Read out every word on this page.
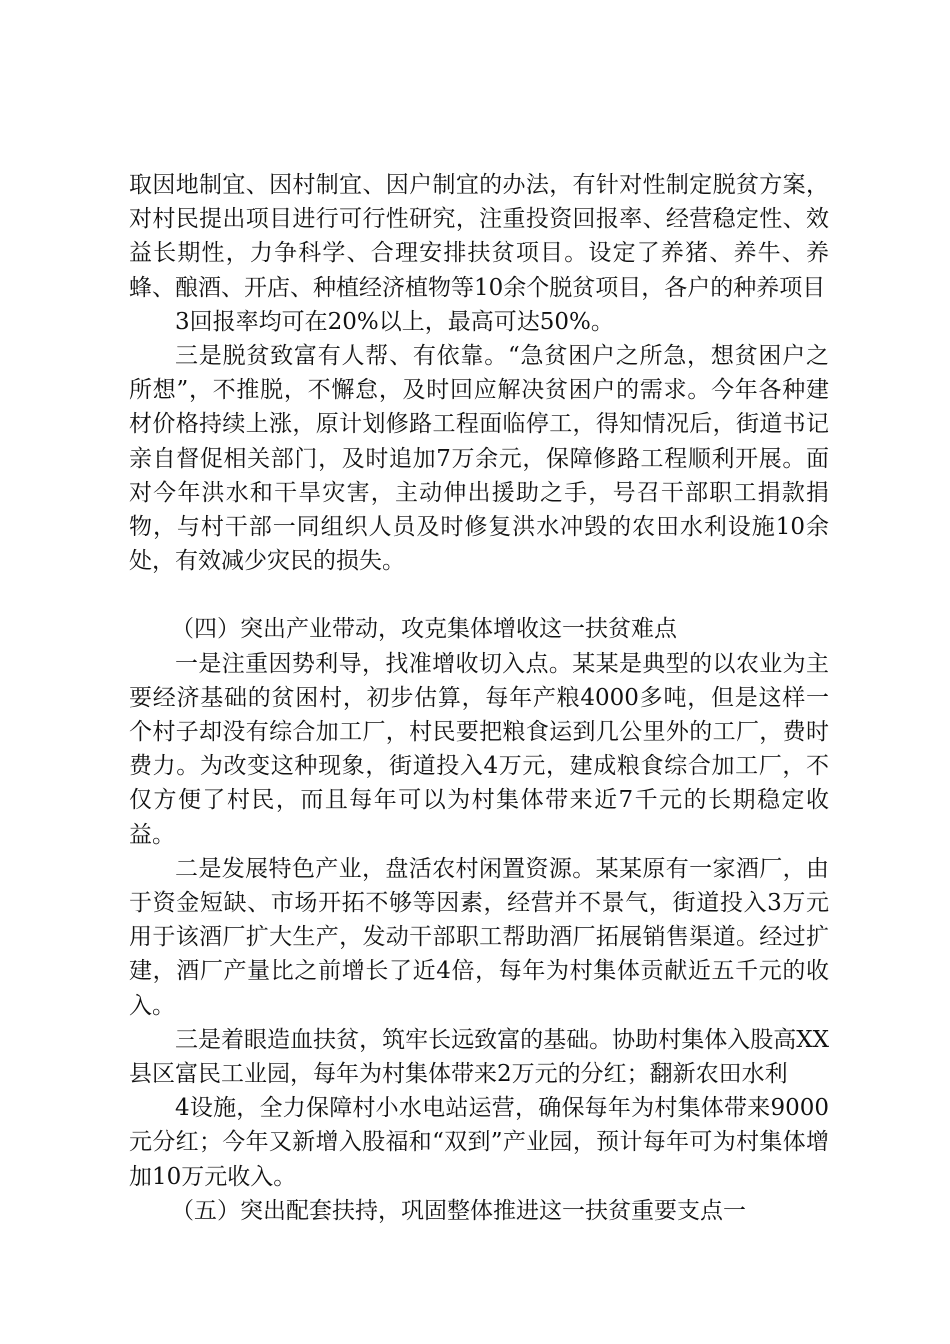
取因地制宜、因村制宜、因户制宜的办法，有针对性制定脱贫方案，对村民提出项目进行可行性研究，注重投资回报率、经营稳定性、效益长期性，力争科学、合理安排扶贫项目。设定了养猪、养牛、养蜂、酿酒、开店、种植经济植物等10余个脱贫项目，各户的种养项目

3回报率均可在20%以上，最高可达50%。

三是脱贫致富有人帮、有依靠。“急贫困户之所急，想贫困户之所想”，不推脱，不懈怠，及时回应解决贫困户的需求。今年各种建材价格持续上涨，原计划修路工程面临停工，得知情况后，街道书记亲自督促相关部门，及时追加7万余元，保障修路工程顺利开展。面对今年洪水和干旱灾害，主动伸出援助之手，号召干部职工捐款捐物，与村干部一同组织人员及时修复洪水冲毁的农田水利设施10余处，有效减少灾民的损失。

（四）突出产业带动，攻克集体增收这一扶贫难点

一是注重因势利导，找准增收切入点。某某是典型的以农业为主要经济基础的贫困村，初步估算，每年产粮4000多吨，但是这样一个村子却没有综合加工厂，村民要把粮食运到几公里外的工厂，费时费力。为改变这种现象，街道投入4万元，建成粮食综合加工厂，不仅方便了村民，而且每年可以为村集体带来近7千元的长期稳定收益。

二是发展特色产业，盘活农村闲置资源。某某原有一家酒厂，由于资金短缺、市场开拓不够等因素，经营并不景气，街道投入3万元用于该酒厂扩大生产，发动干部职工帮助酒厂拓展销售渠道。经过扩建，酒厂产量比之前增长了近4倍，每年为村集体贡献近五千元的收入。

三是着眼造血扶贫，筑牢长远致富的基础。协助村集体入股高XX县区富民工业园，每年为村集体带来2万元的分红；翻新农田水利

4设施，全力保障村小水电站运营，确保每年为村集体带来9000元分红；今年又新增入股福和“双到”产业园，预计每年可为村集体增加10万元收入。

（五）突出配套扶持，巩固整体推进这一扶贫重要支点一
